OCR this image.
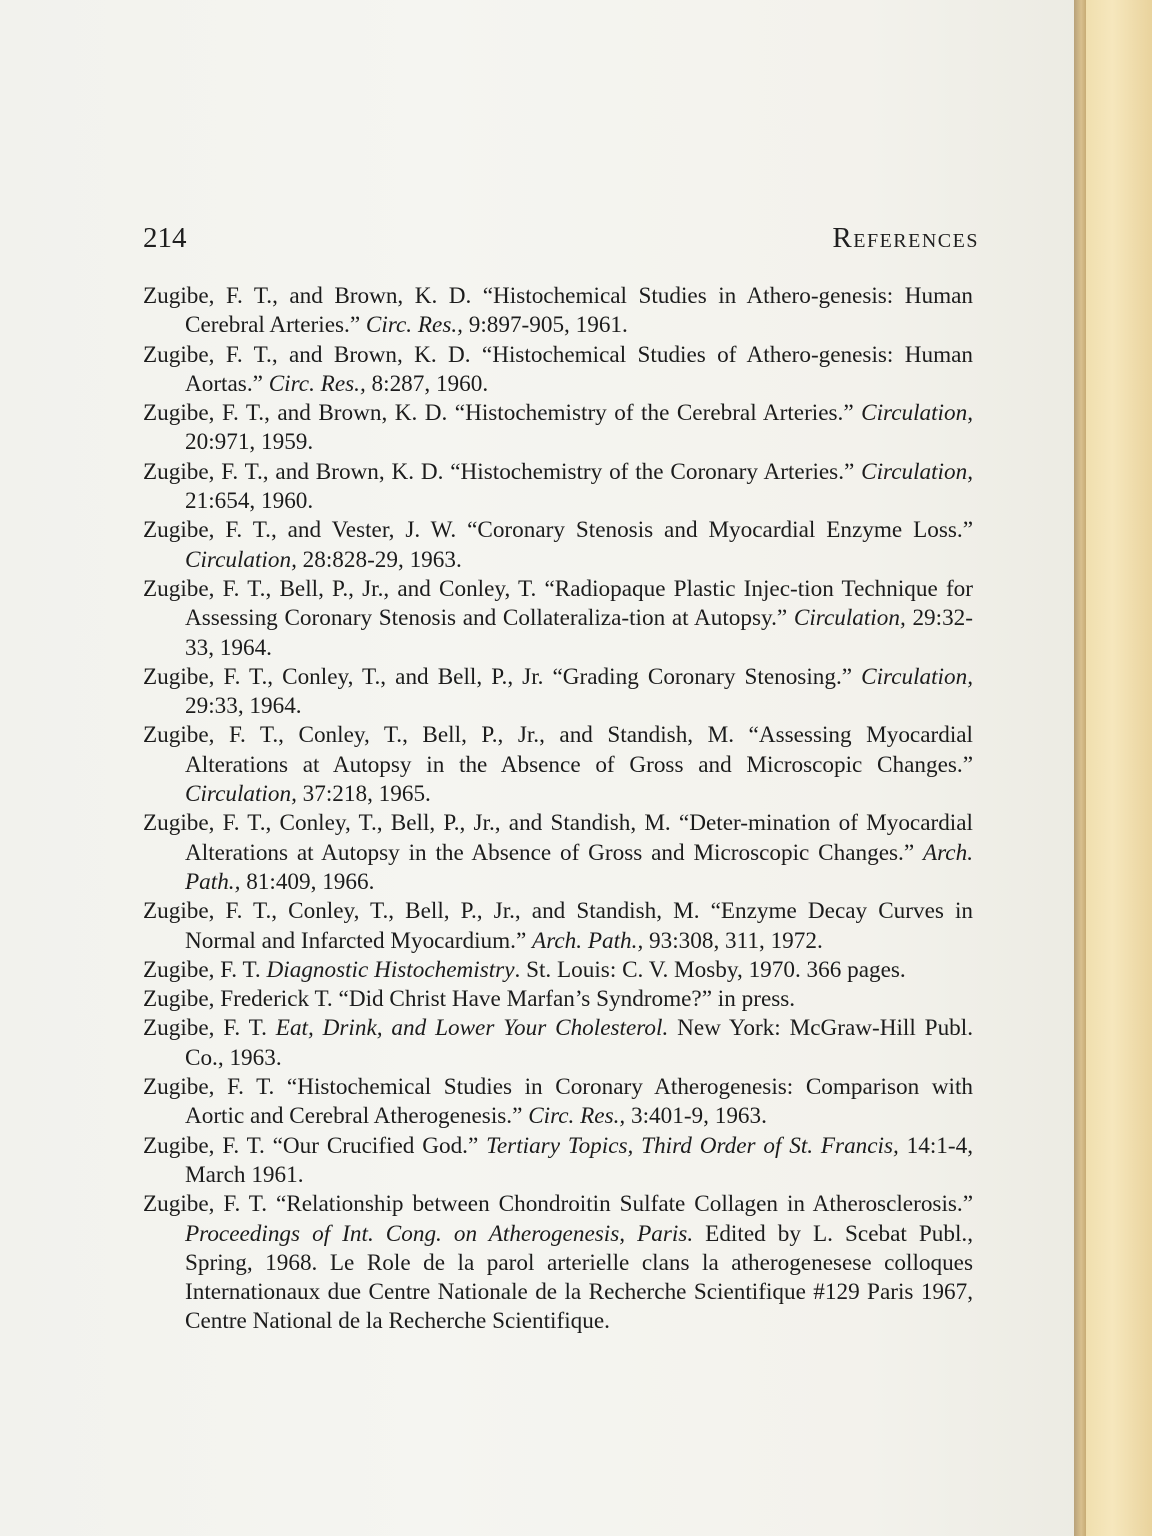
214	References

Zugibe, F. T., and Brown, K. D. “Histochemical Studies in Athero-genesis: Human Cerebral Arteries.” Circ. Res., 9:897-905, 1961.

Zugibe, F. T., and Brown, K. D. “Histochemical Studies of Athero-genesis: Human Aortas.” Circ. Res., 8:287, 1960.

Zugibe, F. T., and Brown, K. D. “Histochemistry of the Cerebral Arteries.” Circulation, 20:971, 1959.

Zugibe, F. T., and Brown, K. D. “Histochemistry of the Coronary Arteries.” Circulation, 21:654, 1960.

Zugibe, F. T., and Vester, J. W. “Coronary Stenosis and Myocardial Enzyme Loss.” Circulation, 28:828-29, 1963.

Zugibe, F. T., Bell, P., Jr., and Conley, T. “Radiopaque Plastic Injec-tion Technique for Assessing Coronary Stenosis and Collateraliza-tion at Autopsy.” Circulation, 29:32-33, 1964.

Zugibe, F. T., Conley, T., and Bell, P., Jr. “Grading Coronary Stenosing.” Circulation, 29:33, 1964.

Zugibe, F. T., Conley, T., Bell, P., Jr., and Standish, M. “Assessing Myocardial Alterations at Autopsy in the Absence of Gross and Microscopic Changes.” Circulation, 37:218, 1965.

Zugibe, F. T., Conley, T., Bell, P., Jr., and Standish, M. “Deter-mination of Myocardial Alterations at Autopsy in the Absence of Gross and Microscopic Changes.” Arch. Path., 81:409, 1966.

Zugibe, F. T., Conley, T., Bell, P., Jr., and Standish, M. “Enzyme Decay Curves in Normal and Infarcted Myocardium.” Arch. Path., 93:308, 311, 1972.

Zugibe, F. T. Diagnostic Histochemistry. St. Louis: C. V. Mosby, 1970. 366 pages.

Zugibe, Frederick T. “Did Christ Have Marfan’s Syndrome?” in press.

Zugibe, F. T. Eat, Drink, and Lower Your Cholesterol. New York: McGraw-Hill Publ. Co., 1963.

Zugibe, F. T. “Histochemical Studies in Coronary Atherogenesis: Comparison with Aortic and Cerebral Atherogenesis.” Circ. Res., 3:401-9, 1963.

Zugibe, F. T. “Our Crucified God.” Tertiary Topics, Third Order of St. Francis, 14:1-4, March 1961.

Zugibe, F. T. “Relationship between Chondroitin Sulfate Collagen in Atherosclerosis.” Proceedings of Int. Cong. on Atherogenesis, Paris. Edited by L. Scebat Publ., Spring, 1968. Le Role de la parol arterielle clans la atherogenesese colloques Internationaux due Centre Nationale de la Recherche Scientifique #129 Paris 1967, Centre National de la Recherche Scientifique.
